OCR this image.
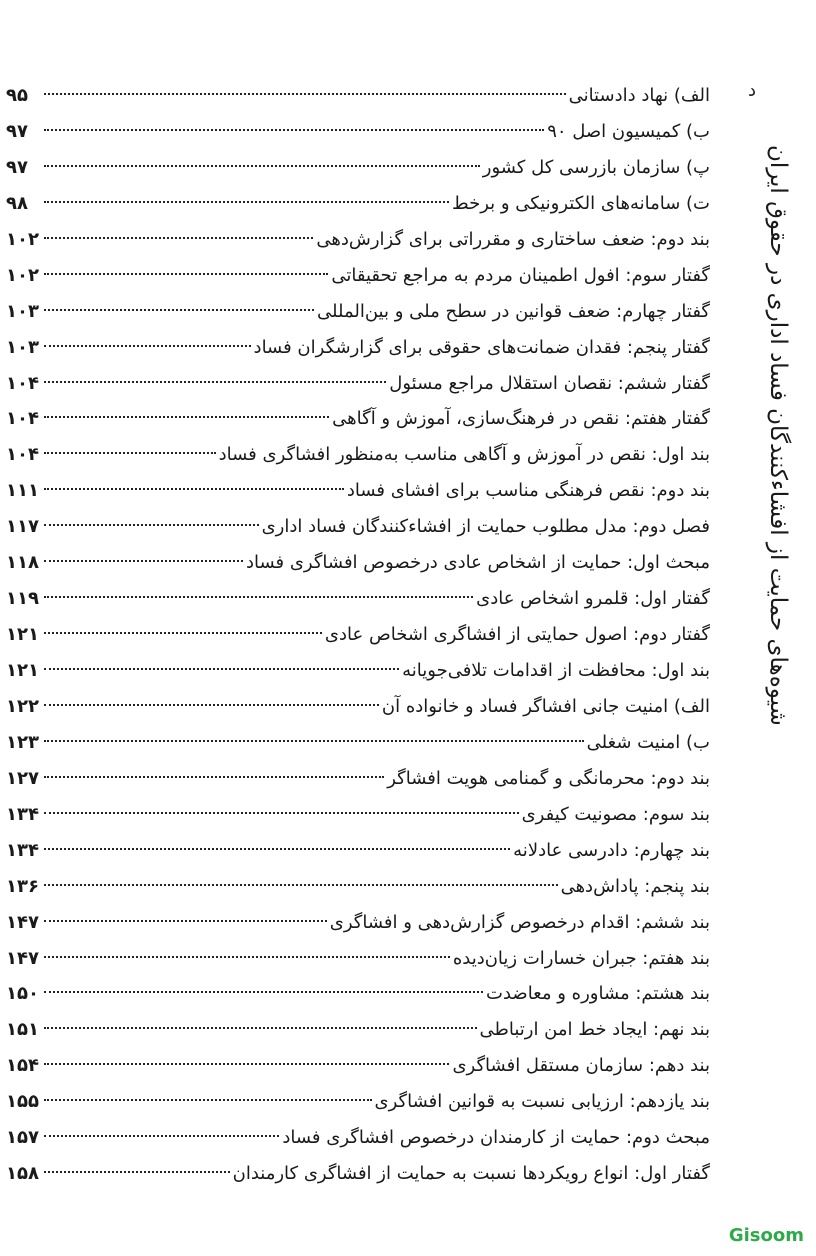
د
شیوه‌های حمایت از افشاءکنندگان فساد اداری در حقوق ایران
۹۵	الف) نهاد دادستانی
۹۷	ب) کمیسیون اصل ۹۰
۹۷	پ) سازمان بازرسی کل کشور
۹۸	ت) سامانه‌های الکترونیکی و برخط
۱۰۲	بند دوم: ضعف ساختاری و مقرراتی برای گزارش‌دهی
۱۰۲	گفتار سوم: افول اطمینان مردم به مراجع تحقیقاتی
۱۰۳	گفتار چهارم: ضعف قوانین در سطح ملی و بین‌المللی
۱۰۳	گفتار پنجم: فقدان ضمانت‌های حقوقی برای گزارشگران فساد
۱۰۴	گفتار ششم: نقصان استقلال مراجع مسئول
۱۰۴	گفتار هفتم: نقص در فرهنگ‌سازی، آموزش و آگاهی
۱۰۴	بند اول: نقص در آموزش و آگاهی مناسب به‌منظور افشاگری فساد
۱۱۱	بند دوم: نقص فرهنگی مناسب برای افشای فساد
۱۱۷	فصل دوم: مدل مطلوب حمایت از افشاءکنندگان فساد اداری
۱۱۸	مبحث اول: حمایت از اشخاص عادی درخصوص افشاگری فساد
۱۱۹	گفتار اول: قلمرو اشخاص عادی
۱۲۱	گفتار دوم: اصول حمایتی از افشاگری اشخاص عادی
۱۲۱	بند اول: محافظت از اقدامات تلافی‌جویانه
۱۲۲	الف) امنیت جانی افشاگر فساد و خانواده آن
۱۲۳	ب) امنیت شغلی
۱۲۷	بند دوم: محرمانگی و گمنامی هویت افشاگر
۱۳۴	بند سوم: مصونیت کیفری
۱۳۴	بند چهارم: دادرسی عادلانه
۱۳۶	بند پنجم: پاداش‌دهی
۱۴۷	بند ششم: اقدام درخصوص گزارش‌دهی و افشاگری
۱۴۷	بند هفتم: جبران خسارات زیان‌دیده
۱۵۰	بند هشتم: مشاوره و معاضدت
۱۵۱	بند نهم: ایجاد خط امن ارتباطی
۱۵۴	بند دهم: سازمان مستقل افشاگری
۱۵۵	بند یازدهم: ارزیابی نسبت به قوانین افشاگری
۱۵۷	مبحث دوم: حمایت از کارمندان درخصوص افشاگری فساد
۱۵۸	گفتار اول: انواع رویکردها نسبت به حمایت از افشاگری کارمندان
Gisoom
